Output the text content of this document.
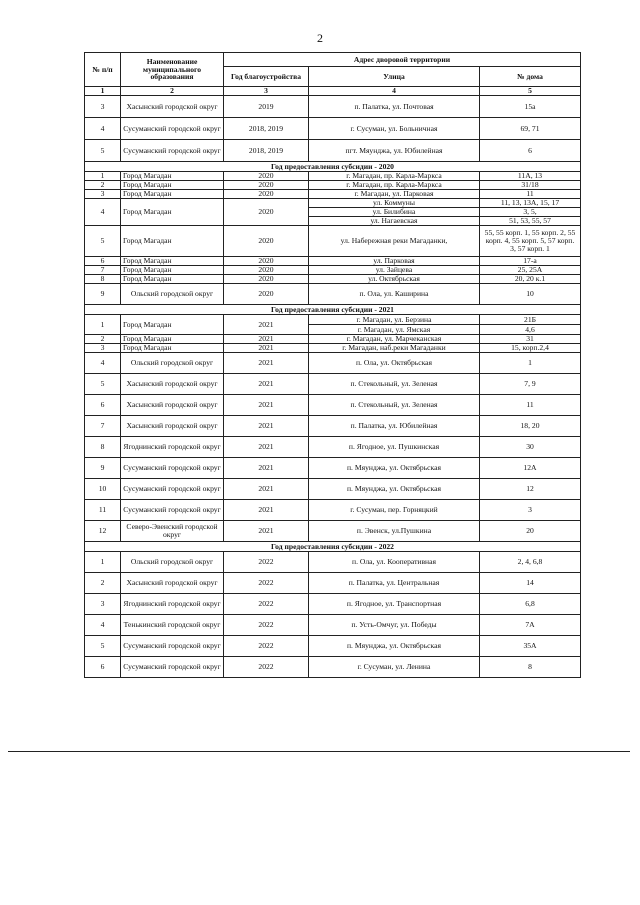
2
№ п/п	Наименование муниципального образования	Адрес дворовой территории		
		Год благоустройства	Улица	№ дома
1	2	3	4	5
3	Хасынский городской округ	2019	п. Палатка, ул. Почтовая	15а
4	Сусуманский городской округ	2018, 2019	г. Сусуман, ул. Больничная	69, 71
5	Сусуманский городской округ	2018, 2019	пгт. Мяунджа, ул. Юбилейная	6
Год предоставления субсидии - 2020				
1	Город Магадан	2020	г. Магадан, пр. Карла-Маркса	11А, 13
2	Город Магадан	2020	г. Магадан, пр. Карла-Маркса	31/18
3	Город Магадан	2020	г. Магадан, ул. Парковая	11
4	Город Магадан	2020	ул. Коммуны	11, 13, 13А, 15, 17
			ул. Билибина	3, 5,
			ул. Нагаевская	51, 53, 55, 57
5	Город Магадан	2020	ул. Набережная реки Магаданки,	55, 55 корп. 1, 55 корп. 2, 55 корп. 4, 55 корп. 5, 57 корп. 3, 57 корп. 1
6	Город Магадан	2020	ул. Парковая	17-а
7	Город Магадан	2020	ул. Зайцева	25, 25А
8	Город Магадан	2020	ул. Октябрьская	20, 20 к.1
9	Ольский городской округ	2020	п. Ола, ул. Каширина	10
Год предоставления субсидии - 2021				
1	Город Магадан	2021	г. Магадан, ул. Берзина	21Б
			г. Магадан, ул. Ямская	4,6
2	Город Магадан	2021	г. Магадан, ул. Марчеканская	31
3	Город Магадан	2021	г. Магадан, наб.реки Магаданки	15, корп.2,4
4	Ольский городской округ	2021	п. Ола, ул. Октябрьская	1
5	Хасынский городской округ	2021	п. Стекольный, ул. Зеленая	7, 9
6	Хасынский городской округ	2021	п. Стекольный, ул. Зеленая	11
7	Хасынский городской округ	2021	п. Палатка, ул. Юбилейная	18, 20
8	Ягоднинский городской округ	2021	п. Ягодное, ул. Пушкинская	30
9	Сусуманский городской округ	2021	п. Мяунджа, ул. Октябрьская	12А
10	Сусуманский городской округ	2021	п. Мяунджа, ул. Октябрьская	12
11	Сусуманский городской округ	2021	г. Сусуман, пер. Горняцкий	3
12	Северо-Эвенский городской округ	2021	п. Эвенск, ул.Пушкина	20
Год предоставления субсидии - 2022				
1	Ольский городской округ	2022	п. Ола, ул. Кооперативная	2, 4, 6,8
2	Хасынский городской округ	2022	п. Палатка, ул. Центральная	14
3	Ягоднинский городской округ	2022	п. Ягодное, ул. Транспортная	6,8
4	Тенькинский городской округ	2022	п. Усть-Омчуг, ул. Победы	7А
5	Сусуманский городской округ	2022	п. Мяунджа, ул. Октябрьская	35А
6	Сусуманский городской округ	2022	г. Сусуман, ул. Ленина	8
